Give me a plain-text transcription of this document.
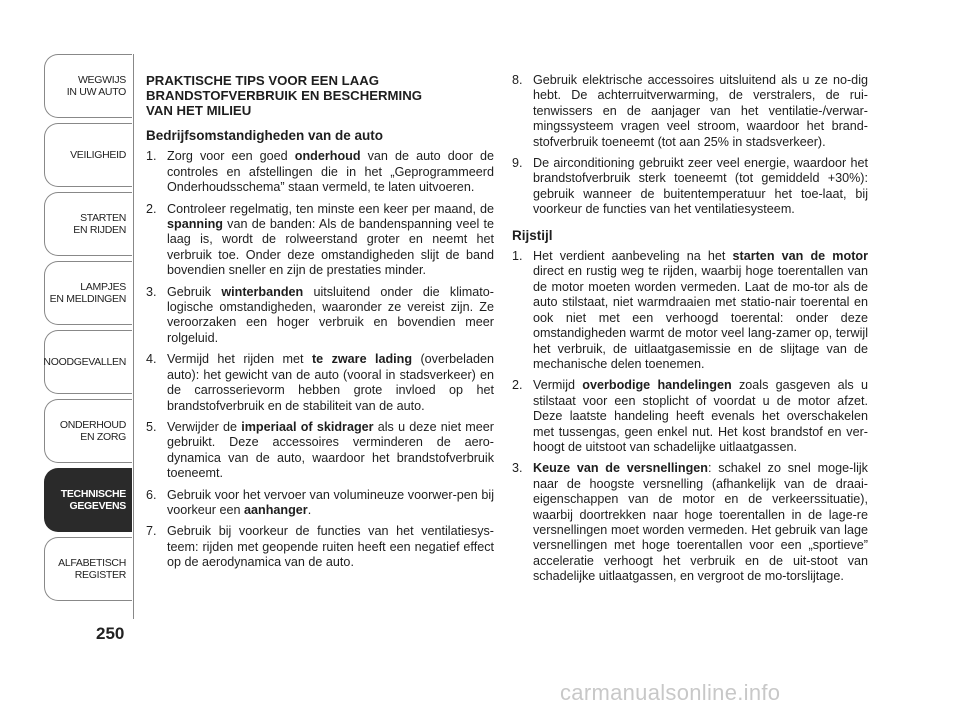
WEGWIJS
IN UW AUTO
VEILIGHEID
STARTEN
EN RIJDEN
LAMPJES
EN MELDINGEN
NOODGEVALLEN
ONDERHOUD
EN ZORG
TECHNISCHE
GEGEVENS
ALFABETISCH
REGISTER
250
PRAKTISCHE TIPS VOOR EEN LAAG
BRANDSTOFVERBRUIK EN BESCHERMING
VAN HET MILIEU
Bedrijfsomstandigheden van de auto
1. Zorg voor een goed onderhoud van de auto door de controles en afstellingen die in het „Geprogrammeerd Onderhoudsschema” staan vermeld, te laten uitvoeren.
2. Controleer regelmatig, ten minste een keer per maand, de spanning van de banden: Als de bandenspanning veel te laag is, wordt de rolweerstand groter en neemt het verbruik toe. Onder deze omstandigheden slijt de band bovendien sneller en zijn de prestaties minder.
3. Gebruik winterbanden uitsluitend onder die klimato-logische omstandigheden, waaronder ze vereist zijn. Ze veroorzaken een hoger verbruik en bovendien meer rolgeluid.
4. Vermijd het rijden met te zware lading (overbeladen auto): het gewicht van de auto (vooral in stadsverkeer) en de carrosserievorm hebben grote invloed op het brandstofverbruik en de stabiliteit van de auto.
5. Verwijder de imperiaal of skidrager als u deze niet meer gebruikt. Deze accessoires verminderen de aero-dynamica van de auto, waardoor het brandstofverbruik toeneemt.
6. Gebruik voor het vervoer van volumineuze voorwer-pen bij voorkeur een aanhanger.
7. Gebruik bij voorkeur de functies van het ventilatiesys-teem: rijden met geopende ruiten heeft een negatief effect op de aerodynamica van de auto.
8. Gebruik elektrische accessoires uitsluitend als u ze no-dig hebt. De achterruitverwarming, de verstralers, de rui-tenwissers en de aanjager van het ventilatie-/verwar-mingssysteem vragen veel stroom, waardoor het brand-stofverbruik toeneemt (tot aan 25% in stadsverkeer).
9. De airconditioning gebruikt zeer veel energie, waardoor het brandstofverbruik sterk toeneemt (tot gemiddeld +30%): gebruik wanneer de buitentemperatuur het toe-laat, bij voorkeur de functies van het ventilatiesysteem.
Rijstijl
1. Het verdient aanbeveling na het starten van de motor direct en rustig weg te rijden, waarbij hoge toerentallen van de motor moeten worden vermeden. Laat de mo-tor als de auto stilstaat, niet warmdraaien met statio-nair toerental en ook niet met een verhoogd toerental: onder deze omstandigheden warmt de motor veel lang-zamer op, terwijl het verbruik, de uitlaatgasemissie en de slijtage van de mechanische delen toenemen.
2. Vermijd overbodige handelingen zoals gasgeven als u stilstaat voor een stoplicht of voordat u de motor afzet. Deze laatste handeling heeft evenals het overschakelen met tussengas, geen enkel nut. Het kost brandstof en ver-hoogt de uitstoot van schadelijke uitlaatgassen.
3. Keuze van de versnellingen: schakel zo snel moge-lijk naar de hoogste versnelling (afhankelijk van de draai-eigenschappen van de motor en de verkeerssituatie), waarbij doortrekken naar hoge toerentallen in de lage-re versnellingen moet worden vermeden. Het gebruik van lage versnellingen met hoge toerentallen voor een „sportieve” acceleratie verhoogt het verbruik en de uit-stoot van schadelijke uitlaatgassen, en vergroot de mo-torslijtage.
carmanualsonline.info
